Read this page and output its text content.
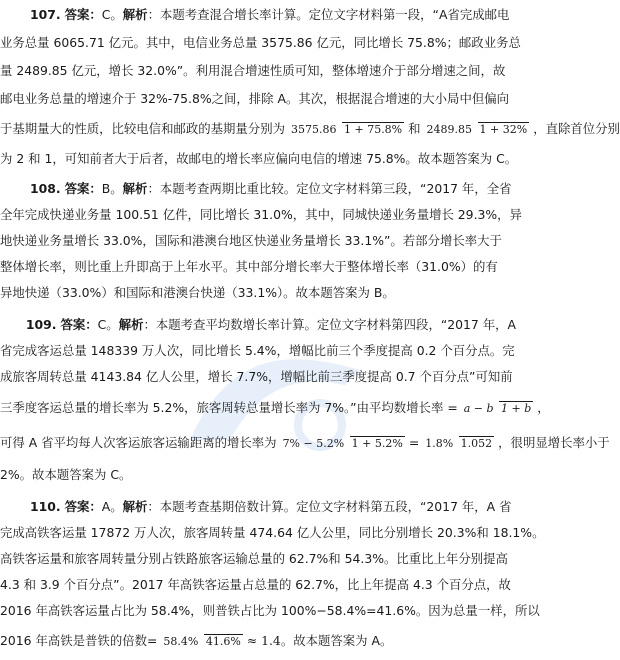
107. 答案： C。 解析 ：本题考查混合增长率计算。定位文字材料第一段，“A省完成邮电
业务总量 6065.71 亿元。其中，电信业务总量 3575.86 亿元，同比增长 75.8%；邮政业务总
量 2489.85 亿元，增长 32.0%”。利用混合增速性质可知，整体增速介于部分增速之间，故
邮电业务总量的增速介于 32%-75.8%之间，排除 A。其次，根据混合增速的大小局中但偏向
于基期量大的性质，比较电信和邮政的基期量分别为 3575.86 1 + 75.8% 和 2489.85 1 + 32% ，直除首位分别
为 2 和 1，可知前者大于后者，故邮电的增长率应偏向电信的增速 75.8%。故本题答案为 C。
108. 答案： B。 解析 ：本题考查两期比重比较。定位文字材料第三段，“2017 年，全省
全年完成快递业务量 100.51 亿件，同比增长 31.0%，其中，同城快递业务量增长 29.3%，异
地快递业务量增长 33.0%，国际和港澳台地区快递业务量增长 33.1%”。若部分增长率大于
整体增长率，则比重上升即高于上年水平。其中部分增长率大于整体增长率（31.0%）的有
异地快递（33.0%）和国际和港澳台快递（33.1%）。故本题答案为 B。
109. 答案： C。 解析 ：本题考查平均数增长率计算。定位文字材料第四段，“2017 年，A
省完成客运总量 148339 万人次，同比增长 5.4%，增幅比前三个季度提高 0.2 个百分点。完
成旅客周转总量 4143.84 亿人公里，增长 7.7%，增幅比前三季度提高 0.7 个百分点”可知前
三季度客运总量的增长率为 5.2%，旅客周转总量增长率为 7%。”由平均数增长率 = a − b 1 + b ，
可得 A 省平均每人次客运旅客运输距离的增长率为 7% − 5.2% 1 + 5.2% = 1.8% 1.052 ，很明显增长率小于
2%。故本题答案为 C。
110. 答案： A。 解析 ：本题考查基期倍数计算。定位文字材料第五段，“2017 年，A 省
完成高铁客运量 17872 万人次，旅客周转量 474.64 亿人公里，同比分别增长 20.3%和 18.1%。
高铁客运量和旅客周转量分别占铁路旅客运输总量的 62.7%和 54.3%。比重比上年分别提高
4.3 和 3.9 个百分点”。2017 年高铁客运量占总量的 62.7%，比上年提高 4.3 个百分点，故
2016 年高铁客运量占比为 58.4%，则普铁占比为 100%−58.4%=41.6%。因为总量一样，所以
2016 年高铁是普铁的倍数= 58.4% 41.6% ≈ 1.4 。故本题答案为 A。
